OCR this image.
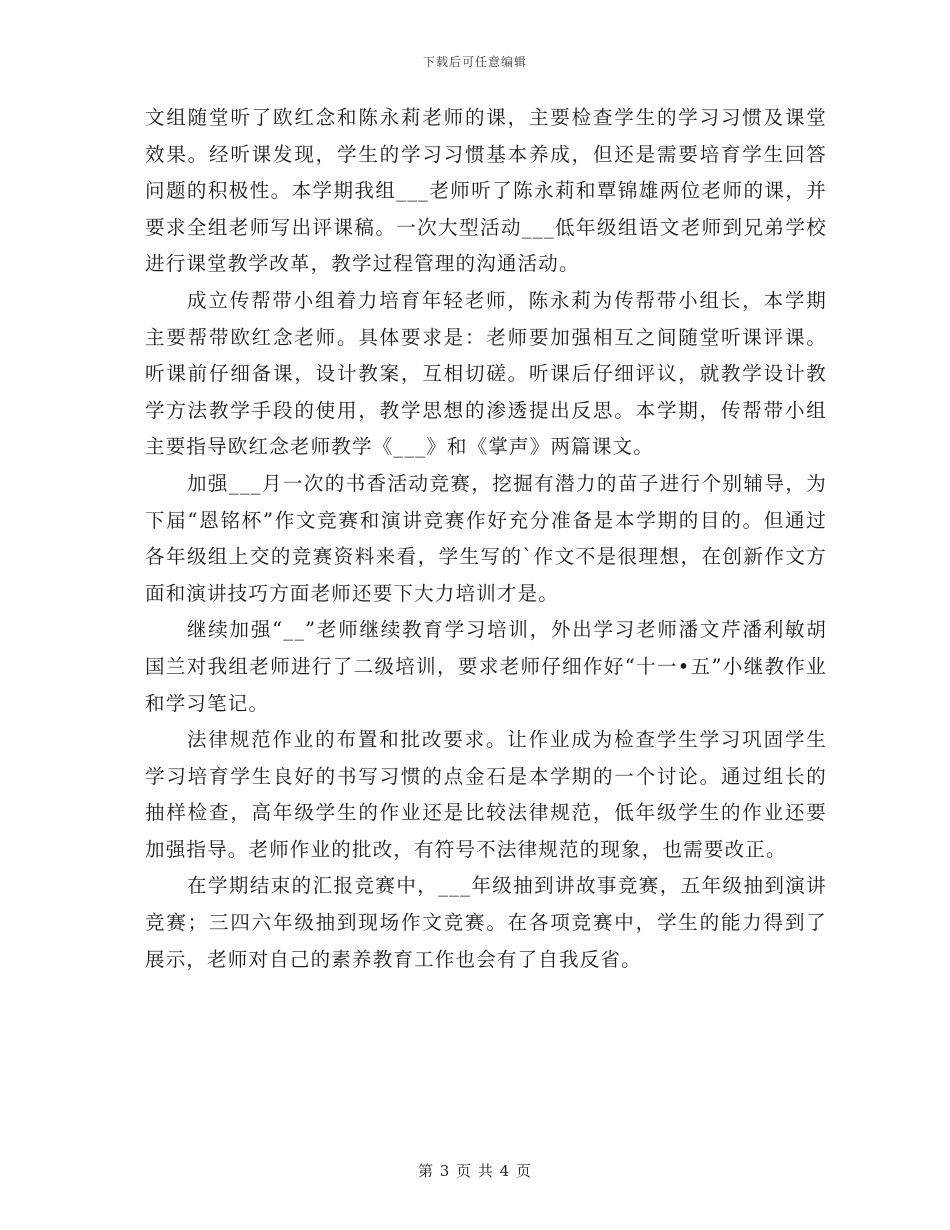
下载后可任意编辑

文组随堂听了欧红念和陈永莉老师的课，主要检查学生的学习习惯及课堂效果。经听课发现，学生的学习习惯基本养成，但还是需要培育学生回答问题的积极性。本学期我组___老师听了陈永莉和覃锦雄两位老师的课，并要求全组老师写出评课稿。一次大型活动___低年级组语文老师到兄弟学校进行课堂教学改革，教学过程管理的沟通活动。

成立传帮带小组着力培育年轻老师，陈永莉为传帮带小组长，本学期主要帮带欧红念老师。具体要求是：老师要加强相互之间随堂听课评课。听课前仔细备课，设计教案，互相切磋。听课后仔细评议，就教学设计教学方法教学手段的使用，教学思想的渗透提出反思。本学期，传帮带小组主要指导欧红念老师教学《___》和《掌声》两篇课文。

加强___月一次的书香活动竞赛，挖掘有潜力的苗子进行个别辅导，为下届“恩铭杯”作文竞赛和演讲竞赛作好充分准备是本学期的目的。但通过各年级组上交的竞赛资料来看，学生写的`作文不是很理想，在创新作文方面和演讲技巧方面老师还要下大力培训才是。

继续加强“__”老师继续教育学习培训，外出学习老师潘文芹潘利敏胡国兰对我组老师进行了二级培训，要求老师仔细作好“十一•五”小继教作业和学习笔记。

法律规范作业的布置和批改要求。让作业成为检查学生学习巩固学生学习培育学生良好的书写习惯的点金石是本学期的一个讨论。通过组长的抽样检查，高年级学生的作业还是比较法律规范，低年级学生的作业还要加强指导。老师作业的批改，有符号不法律规范的现象，也需要改正。

在学期结束的汇报竞赛中，___年级抽到讲故事竞赛，五年级抽到演讲竞赛；三四六年级抽到现场作文竞赛。在各项竞赛中，学生的能力得到了展示，老师对自己的素养教育工作也会有了自我反省。

第 3 页 共 4 页
